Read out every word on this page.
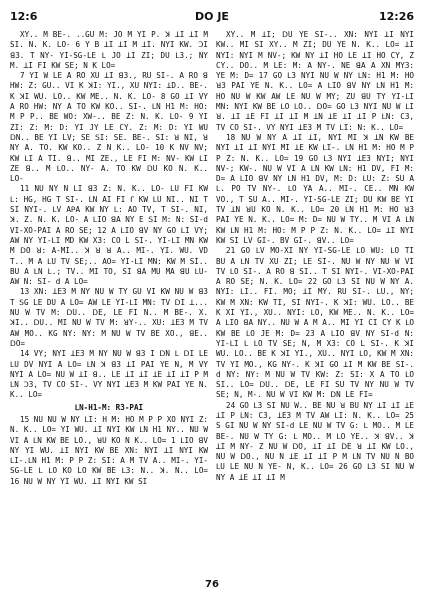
12:6	DO JE	12:26

XY.. M BE-. ..GU M: JO M YI P. ꓘ ꓕI ꓕI M SI. N. K. LO- 6 Y B ꓕI ꓕI M ꓕI. NYI KW. ꓛI ꓭ3. T NY- YI-SG-LE ꓡ JO ꓕI ZI; DU ꓡ3.; NY M. ꓕI FI KW SE; N K LO=

7 YI W LE A RO XU ꓕI ꓭ3., RU SI-. A RO ꓭ HW: Z: GU.. VI K ꓘI: YI., XU NYI: ꓕD.. BE-. K ꓘI WU. LO.. KW ME.. N. K. LO- 8 GO ꓕI VY A RO HW: NY A TO KW KO.. SI-. ꓡN H1 M: HO: M P P.. BE WO: XW-.. BE Z: N. K. LO- 9 YI ZI: Z: M: D: YI JY LE CY. Z: M: D: YI WU ꓓN.. BE YI LV; SE ꓢI: SE. BE-. SI: ꓤ NI, ꓤ NY A. TO. KW KO.. Z N K.. LO- 10 K NV NV; KW ꓡI A TI. ꓭ.. MI ZE., LE FI M: NV- KW ꓡI ZE ꓭ.. M ꓡO.. NY- A. TO KW ꓓU KO N. K.. LO-

11 NU NY N ꓡI ꓭ3 Z: N. K.. LO- ꓡU FI KW ꓡ: HG, HG T SI-. ꓡN AI FI ꓩ KW ꓡU NI.. NI T SI NYI-. ꓡV AꓑA KW NY ꓡ: AO TV, T SI-. NI, ꓘ. Z. N. K. LO- A ꓡIO ꓭA NY E ꓢI M: N: SI-d VI-XO-PAI A RO SE; 12 A ꓡIO ꓭV NY GO ꓡI VY; AW NY YI-ꓡI MD KW X3: CO L SI-. YI-ꓡI MN KW M ꓓO ꓤ: A-MI.. ꓘ ꓤ ꓤ A.. MI-. YI. WU. VD T.. M A ꓡU TV SE;.. AO= YI-ꓡI MN: KW M SI.. BU A ꓡN ꓡ.; TV.. MI TO, SI ꓭA MU MA ꓭU ꓡU- AW N: SI- d A LO=

13 XN: ꓕE3 M NY NU W TY GU VI KW NU W ꓭ3 T ꓢG LE DU A LO= AW LE YI-ꓡI MN: TV ꓓI ꓕ... NU W TV M: ꓓU.. ꓓE, LE FI N.. M BE-. X. ꓘI.. ꓓU.. MI NU W TV M: ꓤY-.. XU: ꓕE3 M TV AW MO.. KG NY: NY: M NU W TV BE XO., ꓭE.. ꓓO=

14 VY; NYI ꓕE3 M NY NU W ꓭ3 I ꓓN ꓡ ꓓI LE ꓡU DV NYI A LO= ꓡN ꓘ ꓭ3 ꓕI PAI YE N, M VY NYI A LO= NU W ꓕI ꓭ.. LE ꓕI ꓕI ꓕE ꓕI ꓕI P M ꓡN ꓛ3, TV CO SI-. VY NYI ꓕE3 M KW PAI YE N. K.. LO=

ꓡN-H1-M: R3-PAI

15 NU NU W NY ꓡI: H M: HO M P P XO NYI Z: N. K.. LO= YI WU. ꓕI NYI KW ꓡN H1 NY.. NU W VI A ꓡN KW BE LO., ꓤU KO N K.. LO= 1 ꓡIO ꓭV NY YI WU. ꓕI NYI KW BE XN: NYI ꓕI NYI KW ꓡI-.ꓡN H1 M: P P Z: SI: A M TV A.. MI-. YI-SG-LE ꓡ ꓡO KO LO KW BE ꓡ3: N.. ꓘ. N.. LO= 16 NU W NY YI WU. ꓕI NYI KW SI

XY.. M ꓕI; ꓓU YE SI-.. XN: NYI ꓕI NYI KW.. MI SI XY.. M ZI; DU YE N. K.. LO= ꓕI NYI: NYI M NV-; KW NY ꓕI HO LE ꓕI HO CY, Z CY.. DO.. M LE: M: A NY-. NE ꓭA A XN MY3: YE M: D= 17 GO ꓡ3 NYI NU W NY ꓡN: H1 M: HO ꓤ3 PAI YE N. K.. LO= A ꓡIO ꓭV NY ꓡN H1 M: HO NU W KW AW LE NU W MY; ZU ꓭU TY YI-ꓡI MN: NYI KW BE ꓡO ꓡO.. ꓓO= GO ꓡ3 NYI NU W ꓡI ꓤ. ꓕI ꓕE FI ꓕI ꓕI M ꓕN ꓕE ꓕI ꓕI P ꓡN: C3, TV CO SI-. VY NYI ꓕE3 M TV ꓡI: N: K.. LO=

18 NU W NY A ꓕI ꓕI, NYI MI ꓘ ꓕN KW BE NYI ꓕI ꓕI NYI MI ꓕE KW ꓡI-. ꓡN H1 M: HO M P P Z: N. K.. LO= 19 GO ꓡ3 NYI ꓕE3 NYI; NYI NV-; KW-. NU W VI A ꓡN KW ꓡN: H1 DV, FI M: D= A ꓡIO ꓭV NY ꓡN H1 DV, M: D: ꓡU: Z: SU A ꓡ. PO TV NY-. ꓡO YA A.. MI-. CE.. MN KW VO., T SU A.. MI-. YI-SG-LE ZI; DU KW BE YI TV ꓕN ꓤU KO N. K.. LO= 20 ꓡN H1 M: HO ꓤ3 PAI YE N. K.. LO= M: D= NU W TY.. M VI A ꓡN KW ꓡN H1 M: HO: M P P Z: N. K.. LO= ꓕI NYI KW SI LV GI-. BV GI-. ꓭV.. LO=

21 GO ꓡV MO-XI NY YI-SG-LE ꓡO WU: ꓡO TI BU A ꓡN TV XU ZI; LE SI-. NU W NY NU W VI TV ꓡO SI-. A RO ꓭ SI.. T SI NYI-. VI-XO-PAI A RO SE; N. K. LO= 22 GO ꓡ3 SI NU W NY A. NYI: ꓡI.. FI. MO; ꓕI MY. RU SI-. ꓡU., NY; KW M XN: KW TI, SI NYI-. K ꓘI: WU. LO.. BE K XI YI., XU.. NYI: ꓡO, KW ME.. N. K.. LO= A ꓡIO ꓭA NY.. NU W A M A.. MI YI CI CY K ꓡO KW BE ꓡO JE M: D= 23 A ꓡIO ꓭV NY SI-d N: YI-ꓡI ꓡ ꓡO TV SE; N, M X3: CO L SI-. K ꓘI WU. LO.. BE K ꓘI YI., XU.. NYI ꓡO, KW M XN: TV YI MO., KG NY-. K ꓘI GO ꓕI M KW BE SI-. d NY: NY: M NU W TV KW: Z: SI: X A TO ꓡO SI.. LO= ꓓU.. ꓓE, LE FI SU TV NY NU W TV SE; N, M-. NU W VI KW M: ꓓN LE FI=

24 GO ꓡ3 SI NU W.. BE NU ꓤ BU NY ꓕI ꓕI ꓕE ꓕI P ꓡN: C3, ꓕE3 M TV AW ꓡI: N. K.. LO= 25 S GI NU W NY SI-d LE NU W TV G: ꓡ MO.. M LE BE-. NU W TY G: ꓡ MO.. M ꓡO YE.. ꓘ ꓭV.. ꓘ ꓕI M NY- Z NU W ꓓO, ꓕI ꓕI ꓓE ꓤ ꓕI KW LO., NU W ꓓO., NU N ꓕE ꓕI ꓕI P M ꓡN TV NU N BO ꓡU LE NU N YE- N, K.. LO= 26 GO ꓡ3 SI NU W NY A ꓕE ꓕI ꓕI M

76
